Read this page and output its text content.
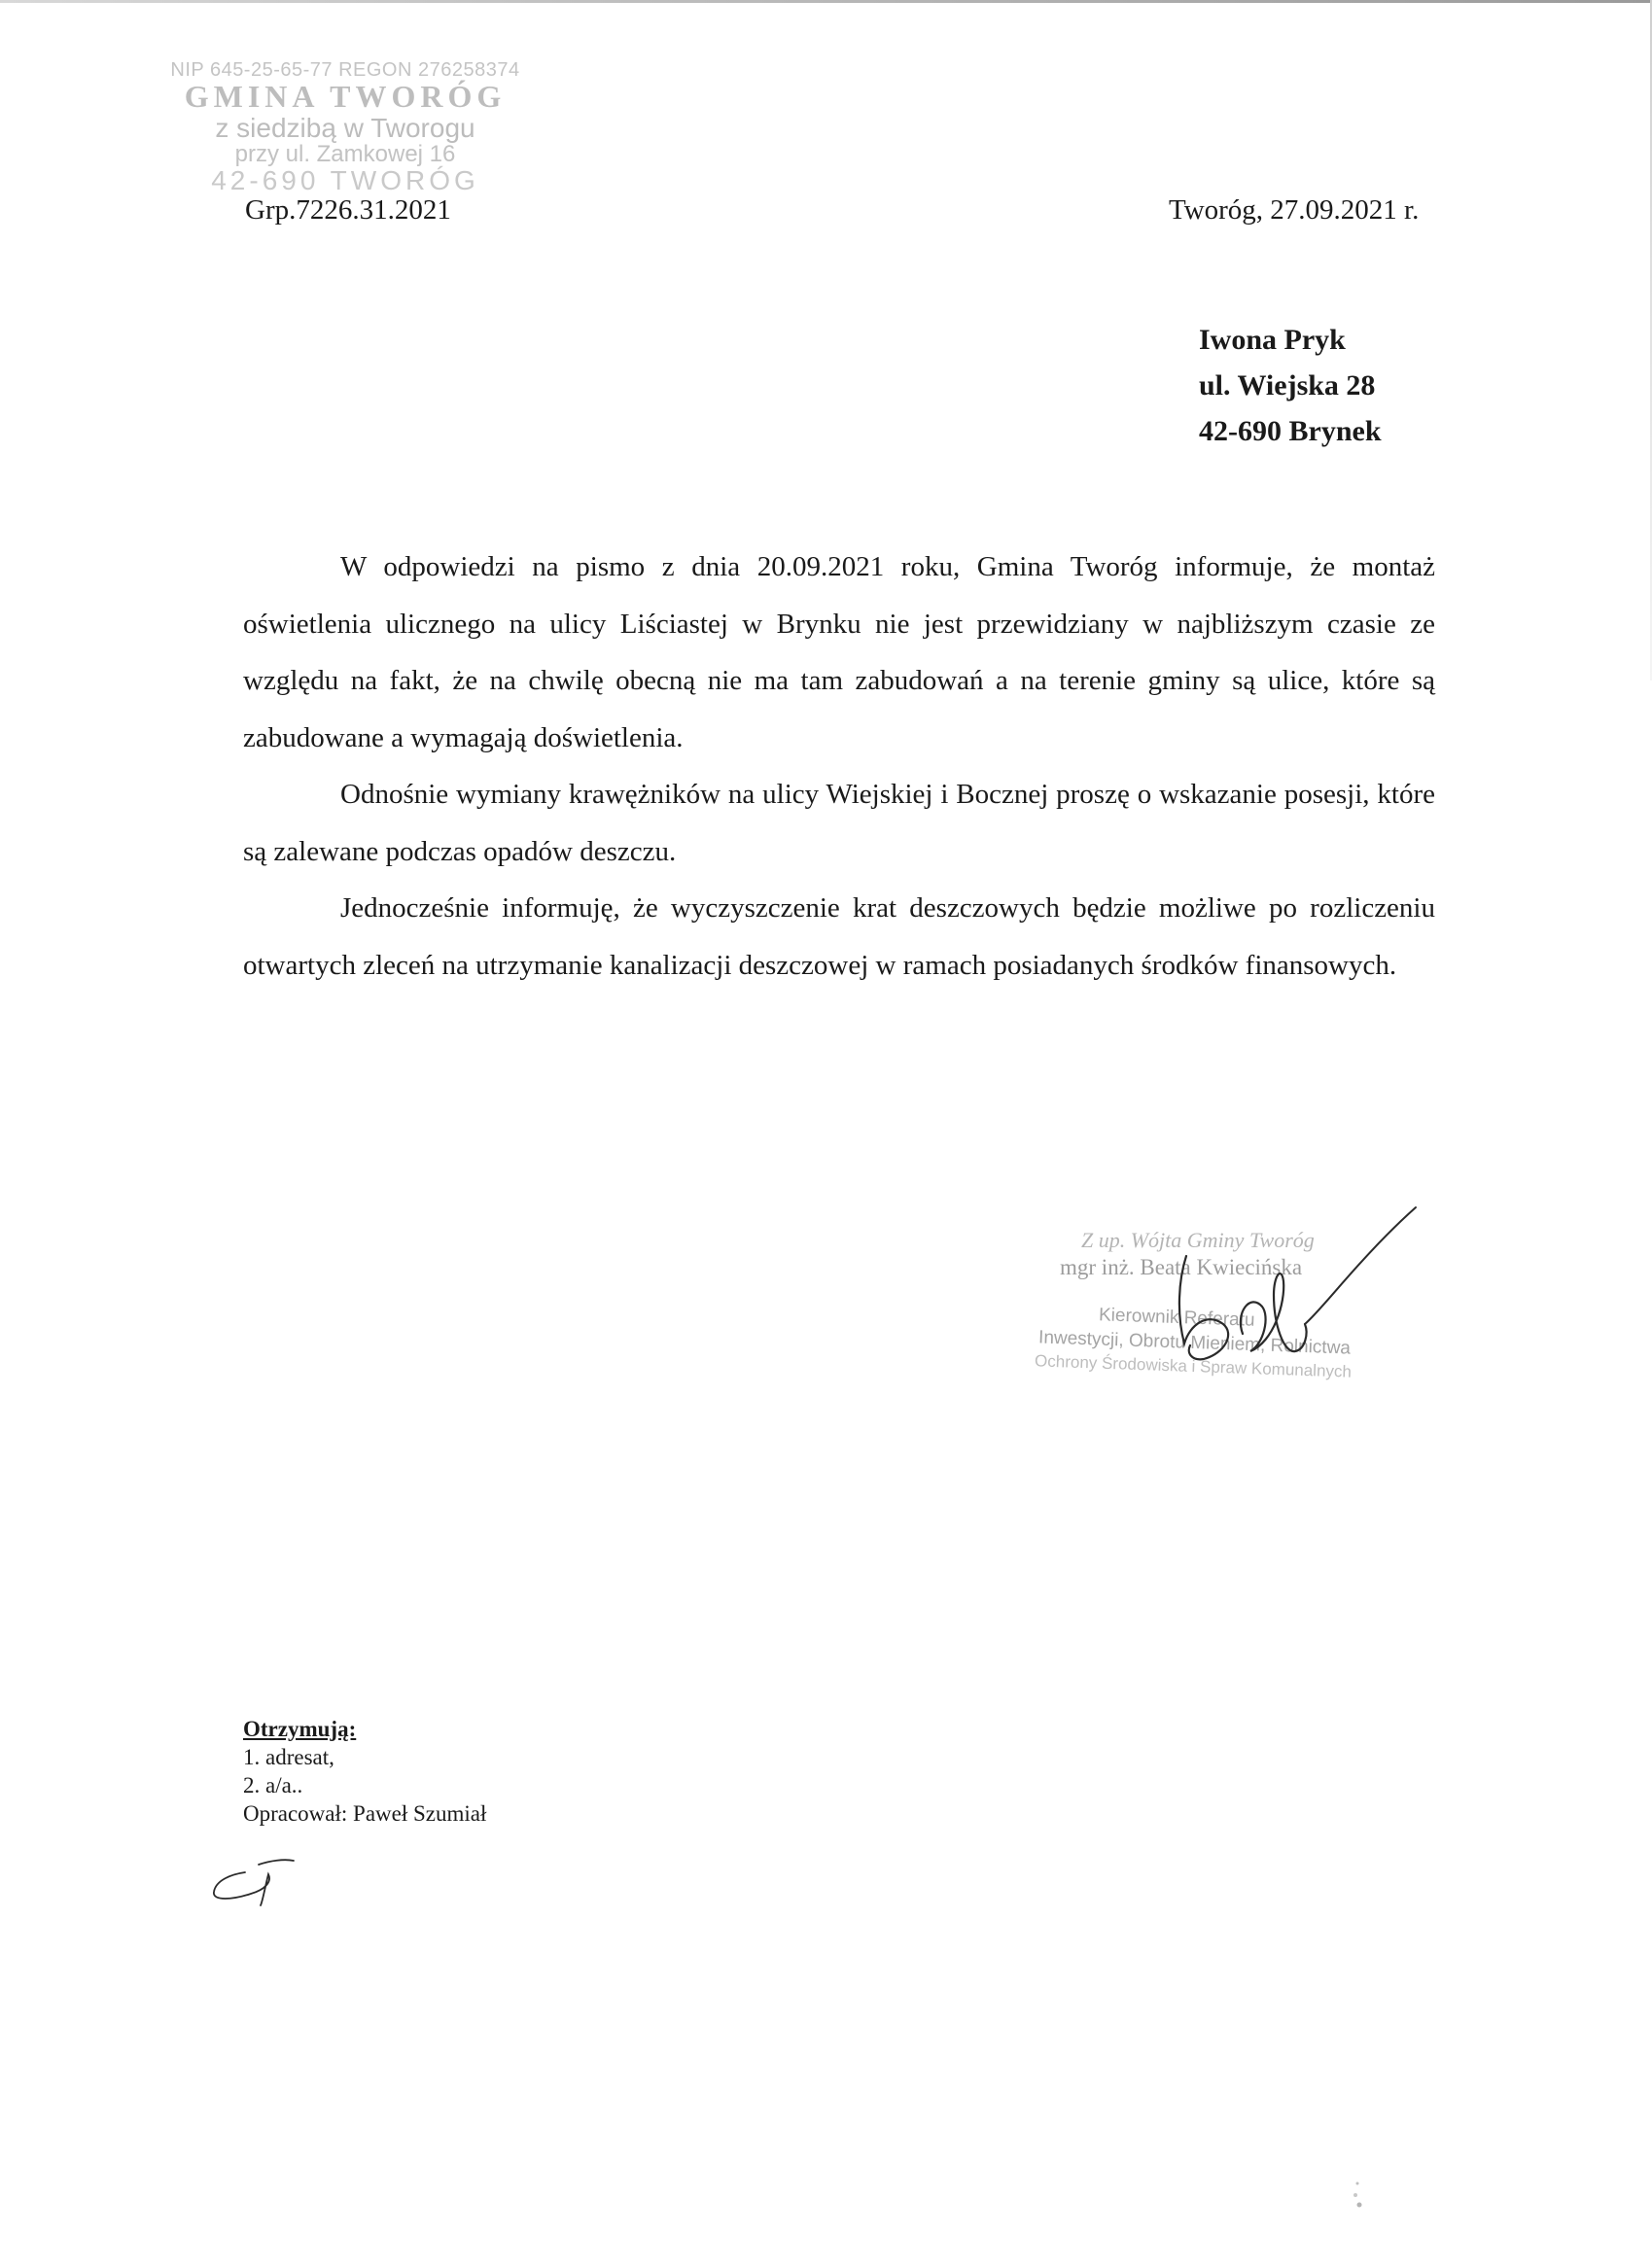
NIP 645-25-65-77 REGON 276258374
GMINA TWORÓG
z siedzibą w Tworogu
przy ul. Zamkowej 16
42-690 TWORÓG
Grp.7226.31.2021	Tworóg, 27.09.2021 r.
Iwona Pryk
ul. Wiejska 28
42-690 Brynek

W odpowiedzi na pismo z dnia 20.09.2021 roku, Gmina Tworóg informuje, że montaż oświetlenia ulicznego na ulicy Liściastej w Brynku nie jest przewidziany w najbliższym czasie ze względu na fakt, że na chwilę obecną nie ma tam zabudowań a na terenie gminy są ulice, które są zabudowane a wymagają doświetlenia.

Odnośnie wymiany krawężników na ulicy Wiejskiej i Bocznej proszę o wskazanie posesji, które są zalewane podczas opadów deszczu.

Jednocześnie informuję, że wyczyszczenie krat deszczowych będzie możliwe po rozliczeniu otwartych zleceń na utrzymanie kanalizacji deszczowej w ramach posiadanych środków finansowych.

Z up. Wójta Gminy Tworóg
mgr inż. Beata Kwiecińska
Kierownik Referatu
Inwestycji, Obrotu Mieniem, Rolnictwa
Ochrony Środowiska i Spraw Komunalnych
Otrzymują:
1. adresat,
2. a/a..
Opracował: Paweł Szumiał
